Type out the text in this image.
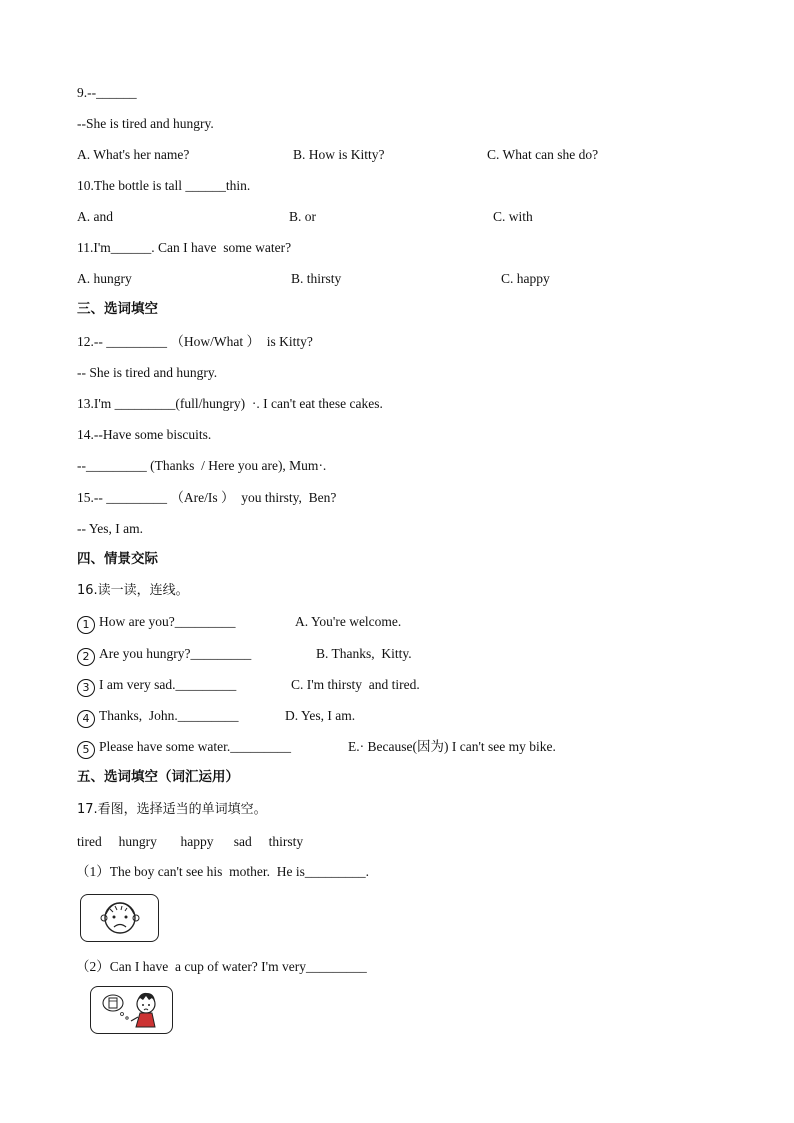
9.--______
--She is tired and hungry.
A. What's her name?	B. How is Kitty?	C. What can she do?
10.The bottle is tall ______thin.
A. and	B. or	C. with
11.I'm______. Can I have  some water?
A. hungry	B. thirsty	C. happy
三、选词填空
12.-- _________ （How/What ）  is Kitty?
-- She is tired and hungry.
13.I'm _________(full/hungry)  ·. I can't eat these cakes.
14.--Have some biscuits.
--_________ (Thanks  / Here you are), Mum·.
15.-- _________ （Are/Is ）  you thirsty,  Ben?
-- Yes, I am.
四、情景交际
16.读一读，连线。
1 How are you?_________	A. You're welcome.
2 Are you hungry?_________	B. Thanks,  Kitty.
3 I am very sad._________	C. I'm thirsty  and tired.
4 Thanks,  John._________	D. Yes, I am.
5 Please have some water._________	E.· Because(因为) I can't see my bike.
五、选词填空（词汇运用）
17.看图，选择适当的单词填空。
tired     hungry       happy      sad     thirsty
（1）The boy can't see his  mother.  He is_________.
（2）Can I have  a cup of water? I'm very_________
